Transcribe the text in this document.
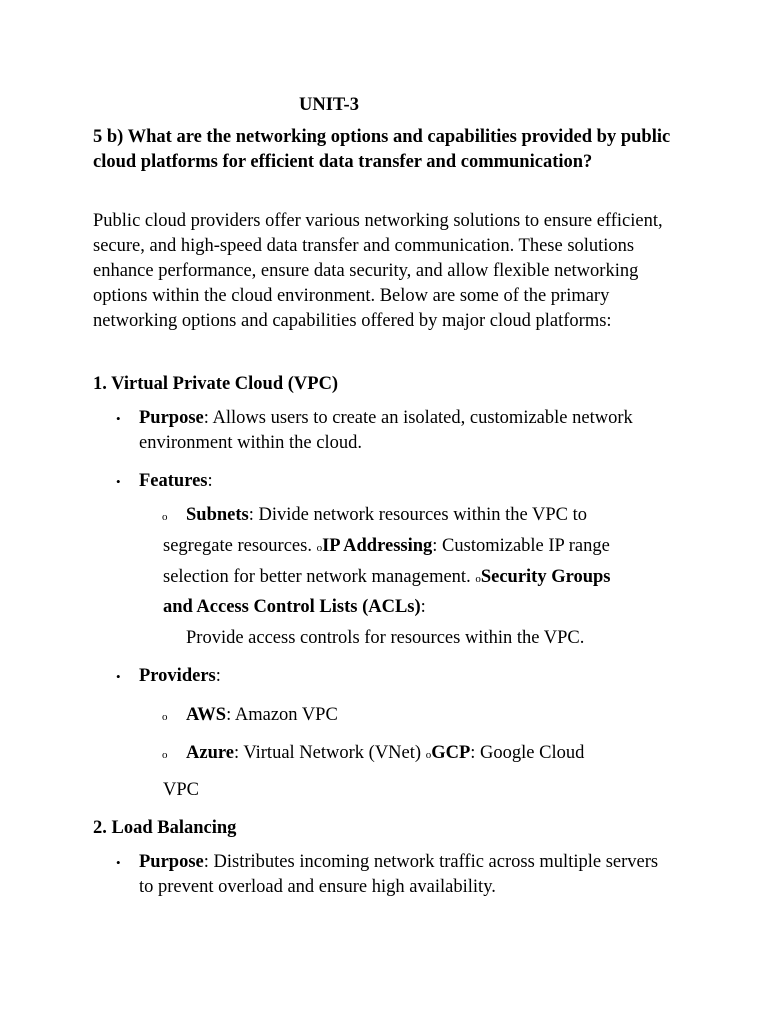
UNIT-3
5 b) What are the networking options and capabilities provided by public cloud platforms for efficient data transfer and communication?
Public cloud providers offer various networking solutions to ensure efficient, secure, and high-speed data transfer and communication. These solutions enhance performance, ensure data security, and allow flexible networking options within the cloud environment. Below are some of the primary networking options and capabilities offered by major cloud platforms:
1. Virtual Private Cloud (VPC)
• Purpose: Allows users to create an isolated, customizable network environment within the cloud.
• Features:
o Subnets: Divide network resources within the VPC to
segregate resources. oIP Addressing: Customizable IP range
selection for better network management. oSecurity Groups
and Access Control Lists (ACLs):
Provide access controls for resources within the VPC.
• Providers:
o AWS: Amazon VPC
o Azure: Virtual Network (VNet) oGCP: Google Cloud
VPC
2. Load Balancing
• Purpose: Distributes incoming network traffic across multiple servers to prevent overload and ensure high availability.
